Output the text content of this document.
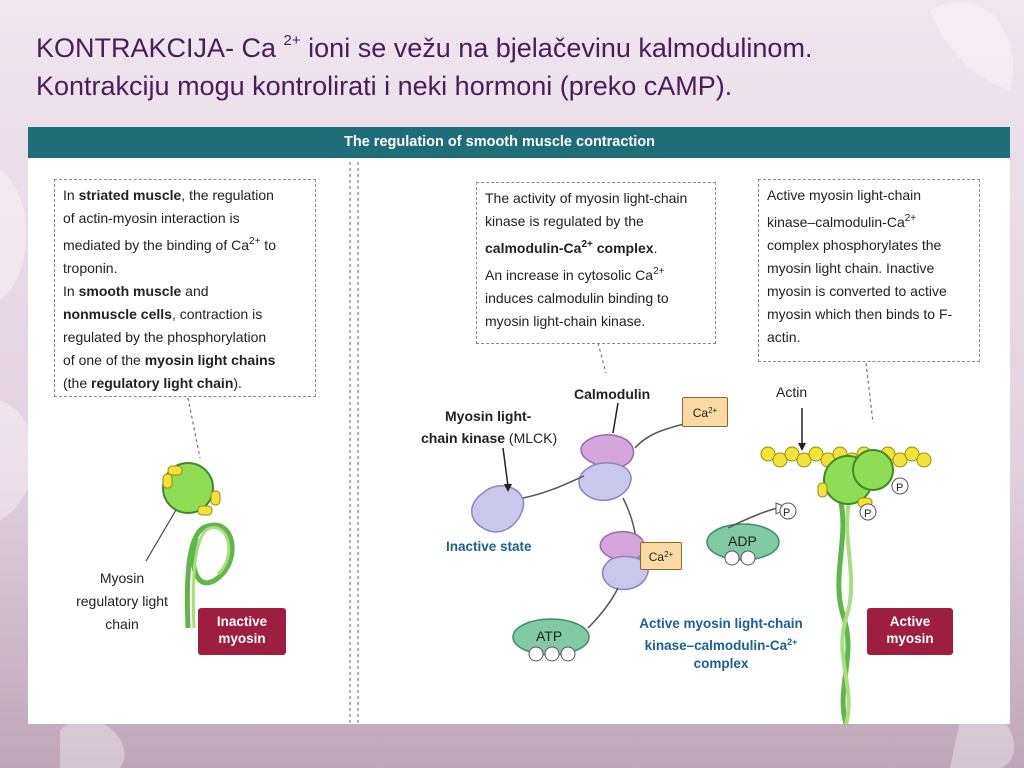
KONTRAKCIJA- Ca $^{2+}$ ioni se vežu na bjelačevinu kalmodulinom.
Kontrakciju mogu kontrolirati i neki hormoni (preko cAMP).
The regulation of smooth muscle contraction
In striated muscle, the regulation
of actin-myosin interaction is
mediated by the binding of $Ca^{2+}$ to
troponin.
In smooth muscle and
nonmuscle cells, contraction is
regulated by the phosphorylation
of one of the myosin light chains
(the regulatory light chain).
The activity of myosin light-chain
kinase is regulated by the
calmodulin-$Ca^{2+}$ complex.
An increase in cytosolic $Ca^{2+}$
induces calmodulin binding to
myosin light-chain kinase.
Active myosin light-chain
kinase–$calmodulin-Ca^{2+}$
complex phosphorylates the
myosin light chain. Inactive
myosin is converted to active
myosin which then binds to F-
actin.
Myosin
regulatory light
chain	Inactive
myosin
Calmodulin
Myosin light-
chain kinase (MLCK)
$Ca^{2+}$
$Ca^{2+}$
Inactive state	ADP
ATP
P
Active myosin light-chain
kinase–$calmodulin-Ca^{2+}$
complex
Actin
P
P
Active
myosin
